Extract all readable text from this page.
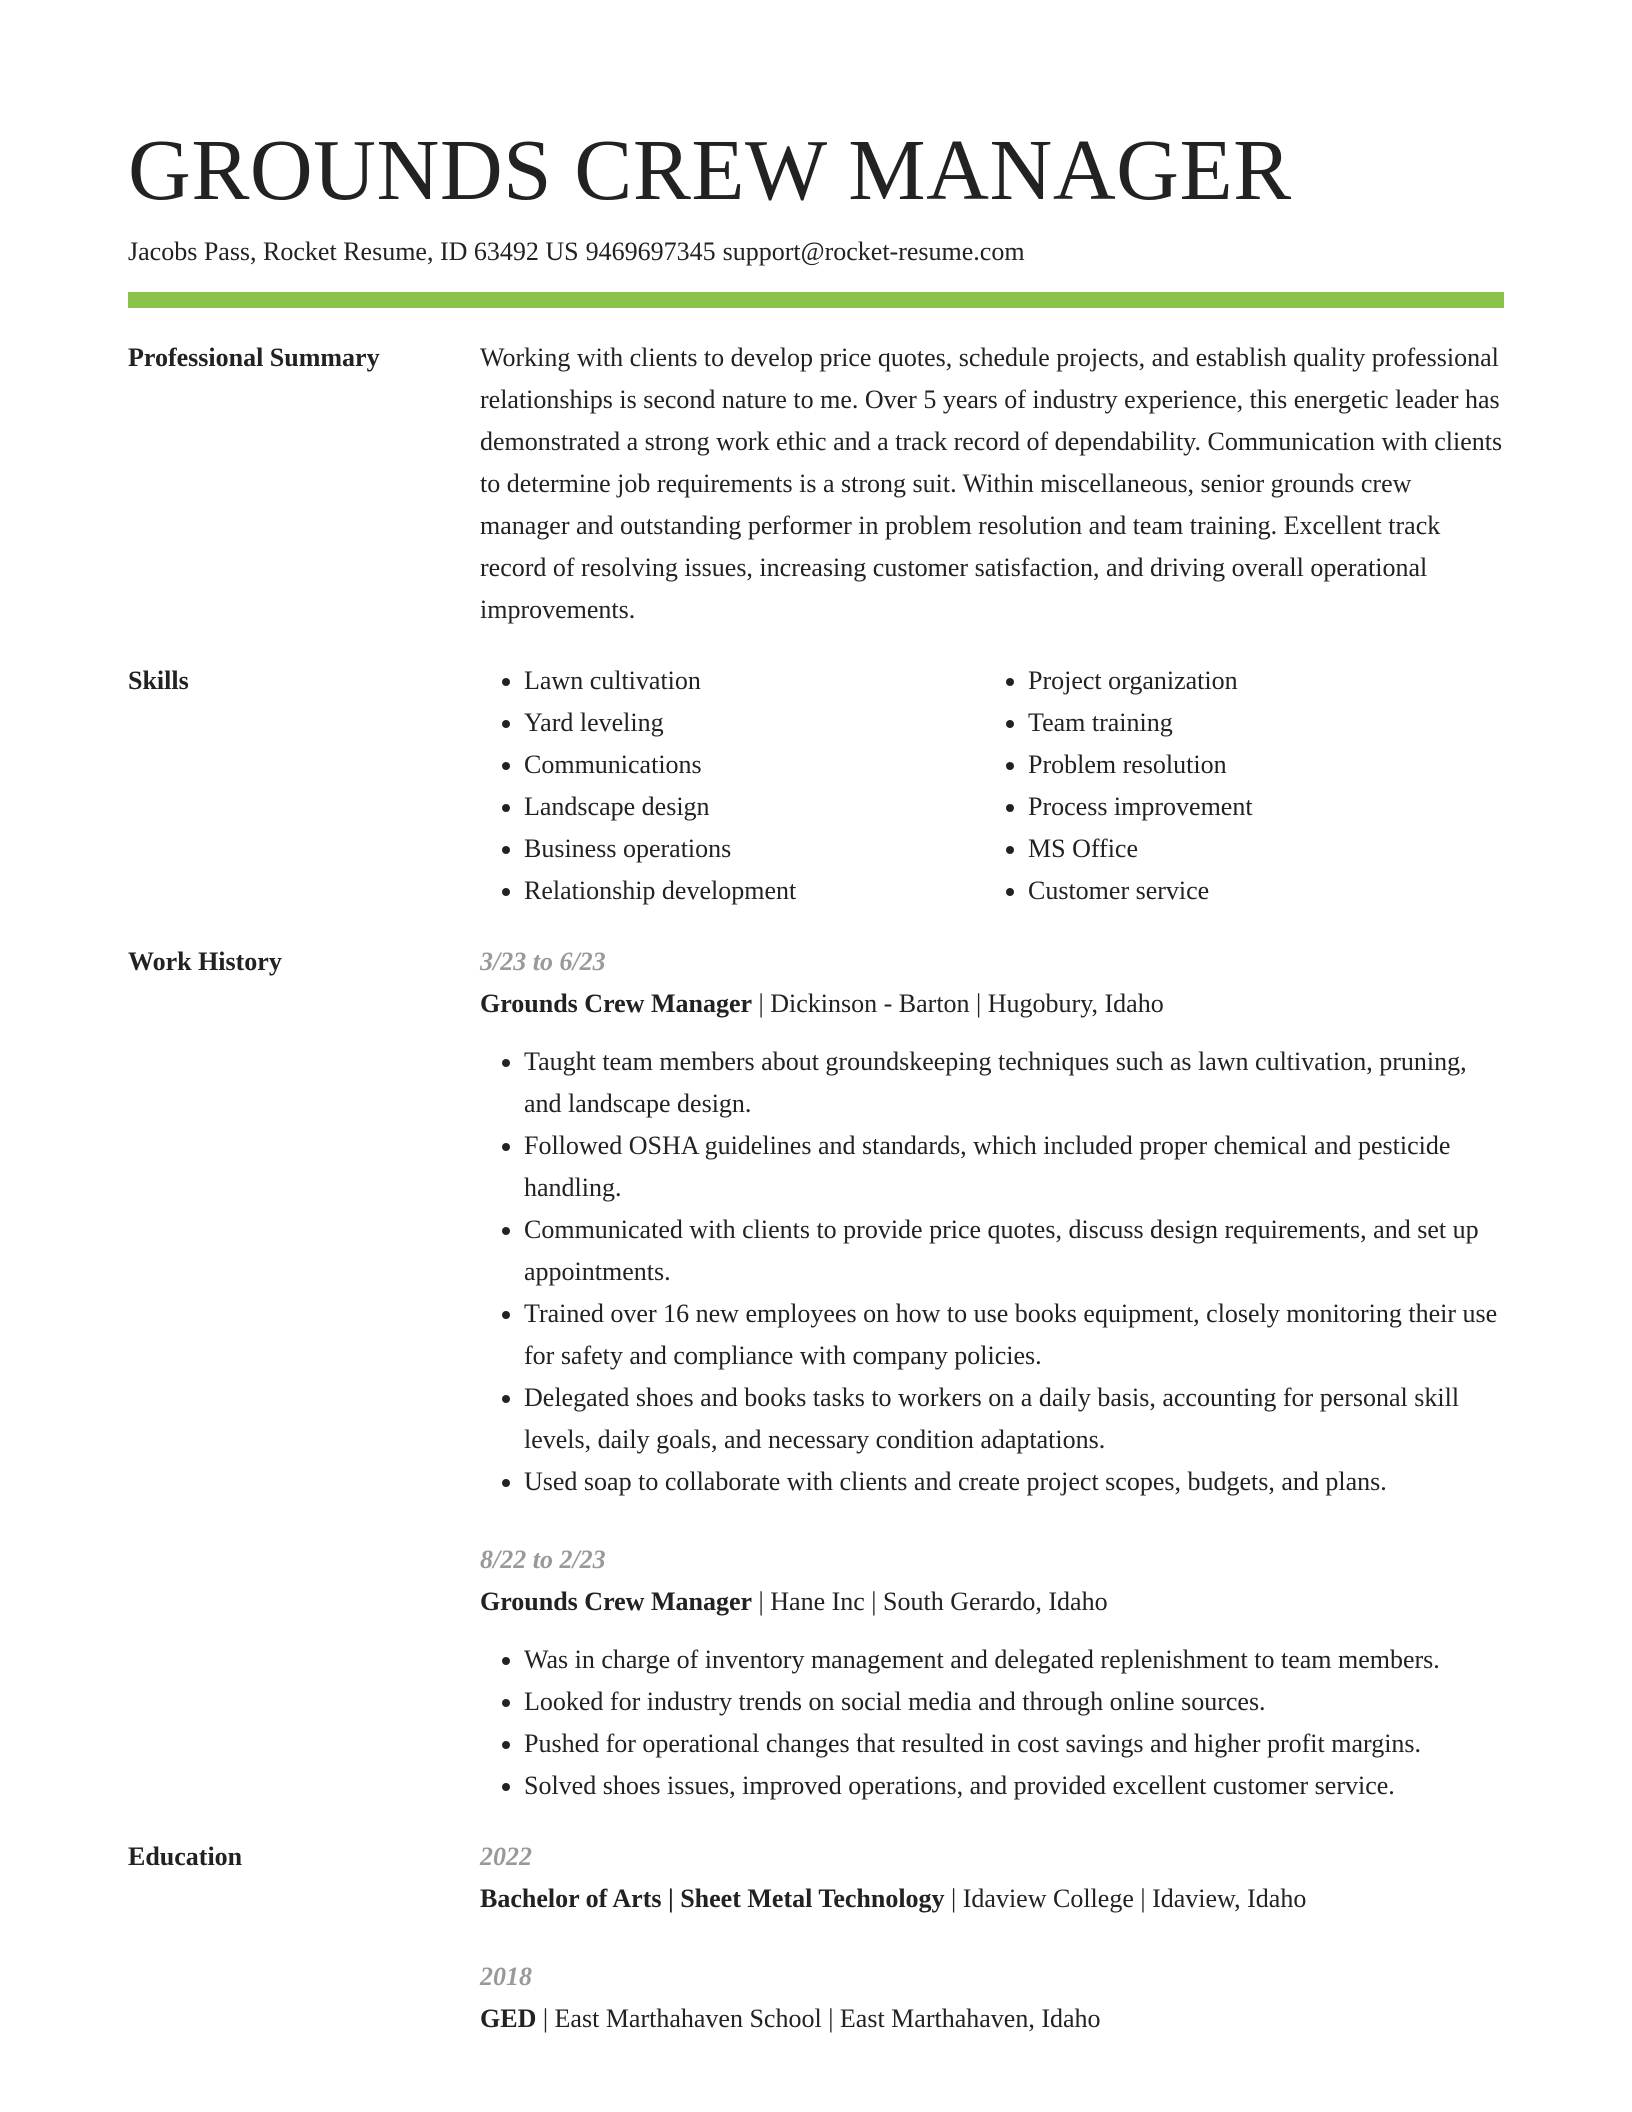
GROUNDS CREW MANAGER
Jacobs Pass, Rocket Resume, ID 63492 US 9469697345 support@rocket-resume.com
Professional Summary	Working with clients to develop price quotes, schedule projects, and establish quality professional relationships is second nature to me. Over 5 years of industry experience, this energetic leader has demonstrated a strong work ethic and a track record of dependability. Communication with clients to determine job requirements is a strong suit. Within miscellaneous, senior grounds crew manager and outstanding performer in problem resolution and team training. Excellent track record of resolving issues, increasing customer satisfaction, and driving overall operational improvements.
Skills
•	Lawn cultivation
• Yard leveling
• Communications
• Landscape design
• Business operations
• Relationship development
• Project organization
• Team training
• Problem resolution
• Process improvement
• MS Office
• Customer service
Work History	3/23 to 6/23
Grounds Crew Manager | Dickinson - Barton | Hugobury, Idaho
• Taught team members about groundskeeping techniques such as lawn cultivation, pruning, and landscape design.
• Followed OSHA guidelines and standards, which included proper chemical and pesticide handling.
• Communicated with clients to provide price quotes, discuss design requirements, and set up appointments.
• Trained over 16 new employees on how to use books equipment, closely monitoring their use for safety and compliance with company policies.
• Delegated shoes and books tasks to workers on a daily basis, accounting for personal skill levels, daily goals, and necessary condition adaptations.
• Used soap to collaborate with clients and create project scopes, budgets, and plans.
8/22 to 2/23
Grounds Crew Manager | Hane Inc | South Gerardo, Idaho
• Was in charge of inventory management and delegated replenishment to team members.
• Looked for industry trends on social media and through online sources.
• Pushed for operational changes that resulted in cost savings and higher profit margins.
• Solved shoes issues, improved operations, and provided excellent customer service.
Education	2022
Bachelor of Arts | Sheet Metal Technology | Idaview College | Idaview, Idaho
2018
GED | East Marthahaven School | East Marthahaven, Idaho
